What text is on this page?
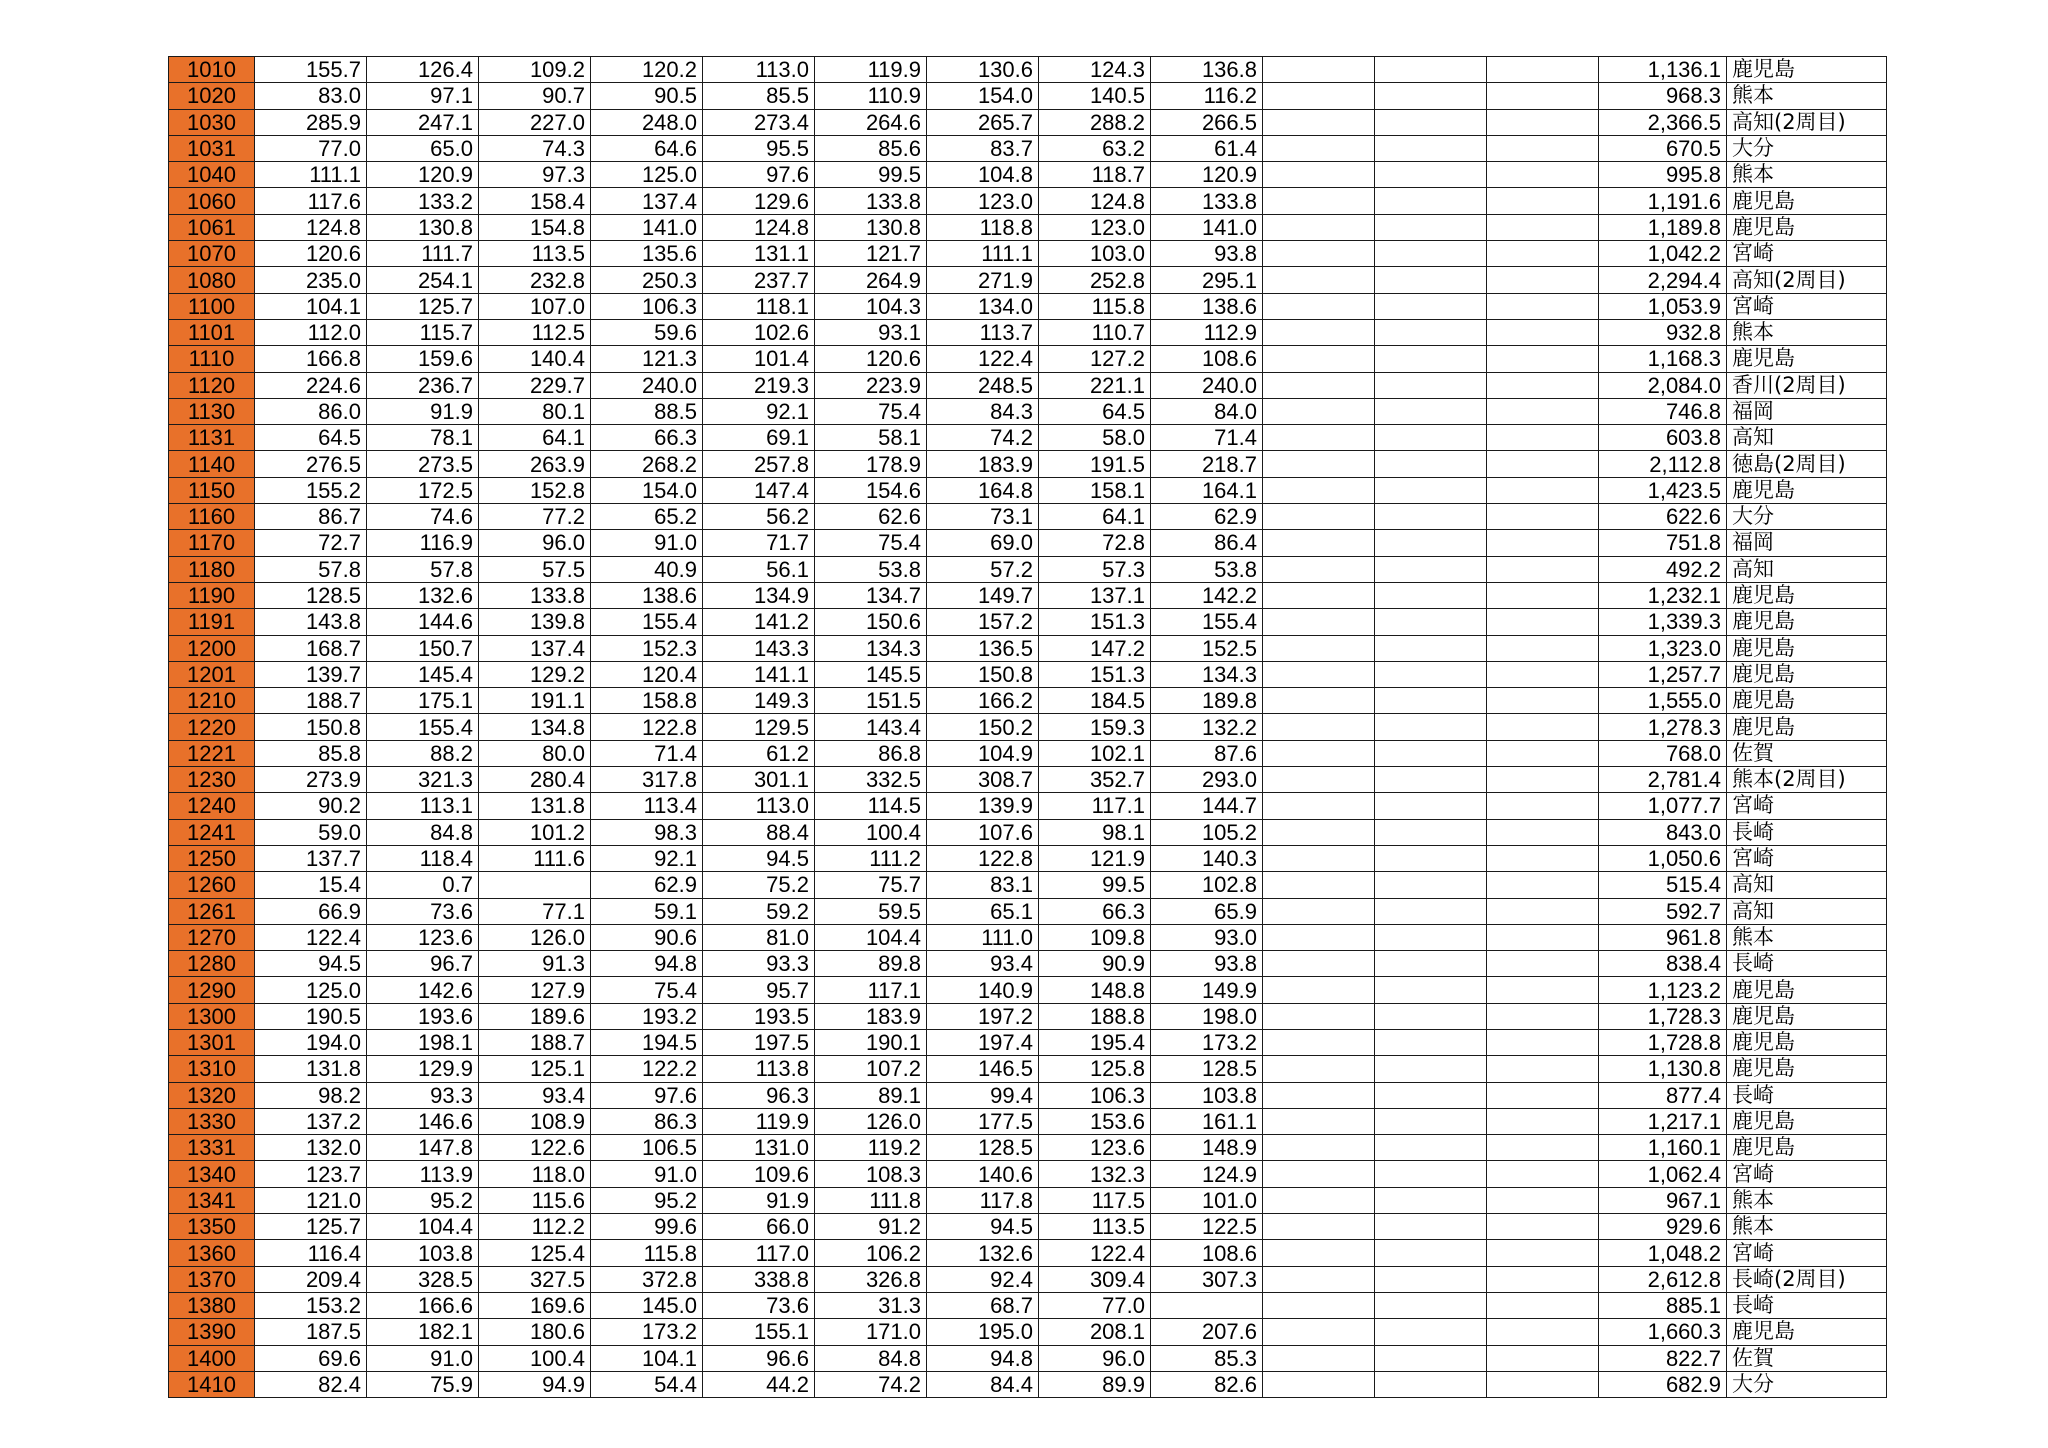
1010	155.7	126.4	109.2	120.2	113.0	119.9	130.6	124.3	136.8				1,136.1	鹿児島
1020	83.0	97.1	90.7	90.5	85.5	110.9	154.0	140.5	116.2				968.3	熊本
1030	285.9	247.1	227.0	248.0	273.4	264.6	265.7	288.2	266.5				2,366.5	高知(2周目)
1031	77.0	65.0	74.3	64.6	95.5	85.6	83.7	63.2	61.4				670.5	大分
1040	111.1	120.9	97.3	125.0	97.6	99.5	104.8	118.7	120.9				995.8	熊本
1060	117.6	133.2	158.4	137.4	129.6	133.8	123.0	124.8	133.8				1,191.6	鹿児島
1061	124.8	130.8	154.8	141.0	124.8	130.8	118.8	123.0	141.0				1,189.8	鹿児島
1070	120.6	111.7	113.5	135.6	131.1	121.7	111.1	103.0	93.8				1,042.2	宮崎
1080	235.0	254.1	232.8	250.3	237.7	264.9	271.9	252.8	295.1				2,294.4	高知(2周目)
1100	104.1	125.7	107.0	106.3	118.1	104.3	134.0	115.8	138.6				1,053.9	宮崎
1101	112.0	115.7	112.5	59.6	102.6	93.1	113.7	110.7	112.9				932.8	熊本
1110	166.8	159.6	140.4	121.3	101.4	120.6	122.4	127.2	108.6				1,168.3	鹿児島
1120	224.6	236.7	229.7	240.0	219.3	223.9	248.5	221.1	240.0				2,084.0	香川(2周目)
1130	86.0	91.9	80.1	88.5	92.1	75.4	84.3	64.5	84.0				746.8	福岡
1131	64.5	78.1	64.1	66.3	69.1	58.1	74.2	58.0	71.4				603.8	高知
1140	276.5	273.5	263.9	268.2	257.8	178.9	183.9	191.5	218.7				2,112.8	徳島(2周目)
1150	155.2	172.5	152.8	154.0	147.4	154.6	164.8	158.1	164.1				1,423.5	鹿児島
1160	86.7	74.6	77.2	65.2	56.2	62.6	73.1	64.1	62.9				622.6	大分
1170	72.7	116.9	96.0	91.0	71.7	75.4	69.0	72.8	86.4				751.8	福岡
1180	57.8	57.8	57.5	40.9	56.1	53.8	57.2	57.3	53.8				492.2	高知
1190	128.5	132.6	133.8	138.6	134.9	134.7	149.7	137.1	142.2				1,232.1	鹿児島
1191	143.8	144.6	139.8	155.4	141.2	150.6	157.2	151.3	155.4				1,339.3	鹿児島
1200	168.7	150.7	137.4	152.3	143.3	134.3	136.5	147.2	152.5				1,323.0	鹿児島
1201	139.7	145.4	129.2	120.4	141.1	145.5	150.8	151.3	134.3				1,257.7	鹿児島
1210	188.7	175.1	191.1	158.8	149.3	151.5	166.2	184.5	189.8				1,555.0	鹿児島
1220	150.8	155.4	134.8	122.8	129.5	143.4	150.2	159.3	132.2				1,278.3	鹿児島
1221	85.8	88.2	80.0	71.4	61.2	86.8	104.9	102.1	87.6				768.0	佐賀
1230	273.9	321.3	280.4	317.8	301.1	332.5	308.7	352.7	293.0				2,781.4	熊本(2周目)
1240	90.2	113.1	131.8	113.4	113.0	114.5	139.9	117.1	144.7				1,077.7	宮崎
1241	59.0	84.8	101.2	98.3	88.4	100.4	107.6	98.1	105.2				843.0	長崎
1250	137.7	118.4	111.6	92.1	94.5	111.2	122.8	121.9	140.3				1,050.6	宮崎
1260	15.4	0.7		62.9	75.2	75.7	83.1	99.5	102.8				515.4	高知
1261	66.9	73.6	77.1	59.1	59.2	59.5	65.1	66.3	65.9				592.7	高知
1270	122.4	123.6	126.0	90.6	81.0	104.4	111.0	109.8	93.0				961.8	熊本
1280	94.5	96.7	91.3	94.8	93.3	89.8	93.4	90.9	93.8				838.4	長崎
1290	125.0	142.6	127.9	75.4	95.7	117.1	140.9	148.8	149.9				1,123.2	鹿児島
1300	190.5	193.6	189.6	193.2	193.5	183.9	197.2	188.8	198.0				1,728.3	鹿児島
1301	194.0	198.1	188.7	194.5	197.5	190.1	197.4	195.4	173.2				1,728.8	鹿児島
1310	131.8	129.9	125.1	122.2	113.8	107.2	146.5	125.8	128.5				1,130.8	鹿児島
1320	98.2	93.3	93.4	97.6	96.3	89.1	99.4	106.3	103.8				877.4	長崎
1330	137.2	146.6	108.9	86.3	119.9	126.0	177.5	153.6	161.1				1,217.1	鹿児島
1331	132.0	147.8	122.6	106.5	131.0	119.2	128.5	123.6	148.9				1,160.1	鹿児島
1340	123.7	113.9	118.0	91.0	109.6	108.3	140.6	132.3	124.9				1,062.4	宮崎
1341	121.0	95.2	115.6	95.2	91.9	111.8	117.8	117.5	101.0				967.1	熊本
1350	125.7	104.4	112.2	99.6	66.0	91.2	94.5	113.5	122.5				929.6	熊本
1360	116.4	103.8	125.4	115.8	117.0	106.2	132.6	122.4	108.6				1,048.2	宮崎
1370	209.4	328.5	327.5	372.8	338.8	326.8	92.4	309.4	307.3				2,612.8	長崎(2周目)
1380	153.2	166.6	169.6	145.0	73.6	31.3	68.7	77.0					885.1	長崎
1390	187.5	182.1	180.6	173.2	155.1	171.0	195.0	208.1	207.6				1,660.3	鹿児島
1400	69.6	91.0	100.4	104.1	96.6	84.8	94.8	96.0	85.3				822.7	佐賀
1410	82.4	75.9	94.9	54.4	44.2	74.2	84.4	89.9	82.6				682.9	大分
